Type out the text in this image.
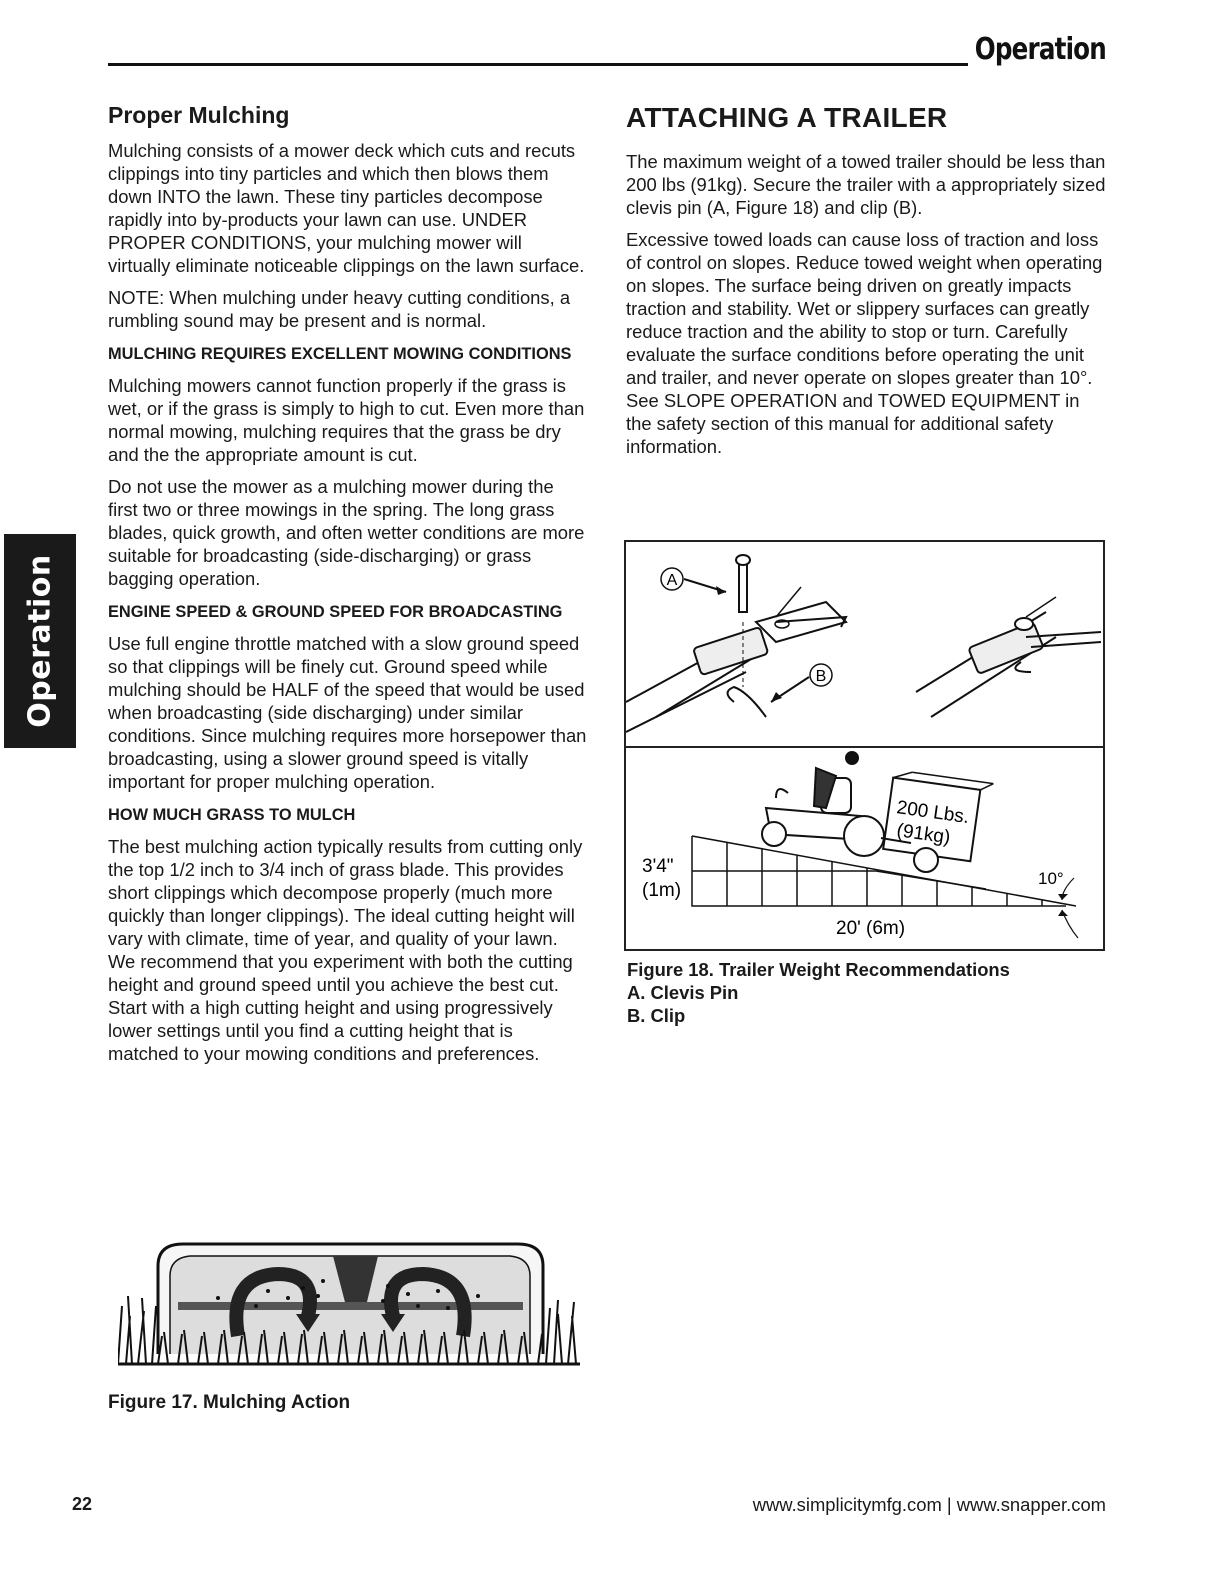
Operation
Operation
Proper Mulching

Mulching consists of a mower deck which cuts and recuts clippings into tiny particles and which then blows them down INTO the lawn. These tiny particles decompose rapidly into by-products your lawn can use. UNDER PROPER CONDITIONS, your mulching mower will virtually eliminate noticeable clippings on the lawn surface.

NOTE: When mulching under heavy cutting conditions, a rumbling sound may be present and is normal.

MULCHING REQUIRES EXCELLENT MOWING CONDITIONS

Mulching mowers cannot function properly if the grass is wet, or if the grass is simply to high to cut. Even more than normal mowing, mulching requires that the grass be dry and the the appropriate amount is cut.

Do not use the mower as a mulching mower during the first two or three mowings in the spring. The long grass blades, quick growth, and often wetter conditions are more suitable for broadcasting (side-discharging) or grass bagging operation.

ENGINE SPEED & GROUND SPEED FOR BROADCASTING

Use full engine throttle matched with a slow ground speed so that clippings will be finely cut. Ground speed while mulching should be HALF of the speed that would be used when broadcasting (side discharging) under similar conditions. Since mulching requires more horsepower than broadcasting, using a slower ground speed is vitally important for proper mulching operation.

HOW MUCH GRASS TO MULCH

The best mulching action typically results from cutting only the top 1/2 inch to 3/4 inch of grass blade. This provides short clippings which decompose properly (much more quickly than longer clippings). The ideal cutting height will vary with climate, time of year, and quality of your lawn. We recommend that you experiment with both the cutting height and ground speed until you achieve the best cut. Start with a high cutting height and using progressively lower settings until you find a cutting height that is matched to your mowing conditions and preferences.

Figure 17. Mulching Action
ATTACHING A TRAILER

The maximum weight of a towed trailer should be less than 200 lbs (91kg). Secure the trailer with a appropriately sized clevis pin (A, Figure 18) and clip (B).

Excessive towed loads can cause loss of traction and loss of control on slopes. Reduce towed weight when operating on slopes. The surface being driven on greatly impacts traction and stability. Wet or slippery surfaces can greatly reduce traction and the ability to stop or turn. Carefully evaluate the surface conditions before operating the unit and trailer, and never operate on slopes greater than 10°. See SLOPE OPERATION and TOWED EQUIPMENT in the safety section of this manual for additional safety information.

A
B
200 Lbs.
(91kg)
3'4"
(1m)
20' (6m)
10°
Figure 18. Trailer Weight Recommendations
A. Clevis Pin
B. Clip
22	www.simplicitymfg.com | www.snapper.com
